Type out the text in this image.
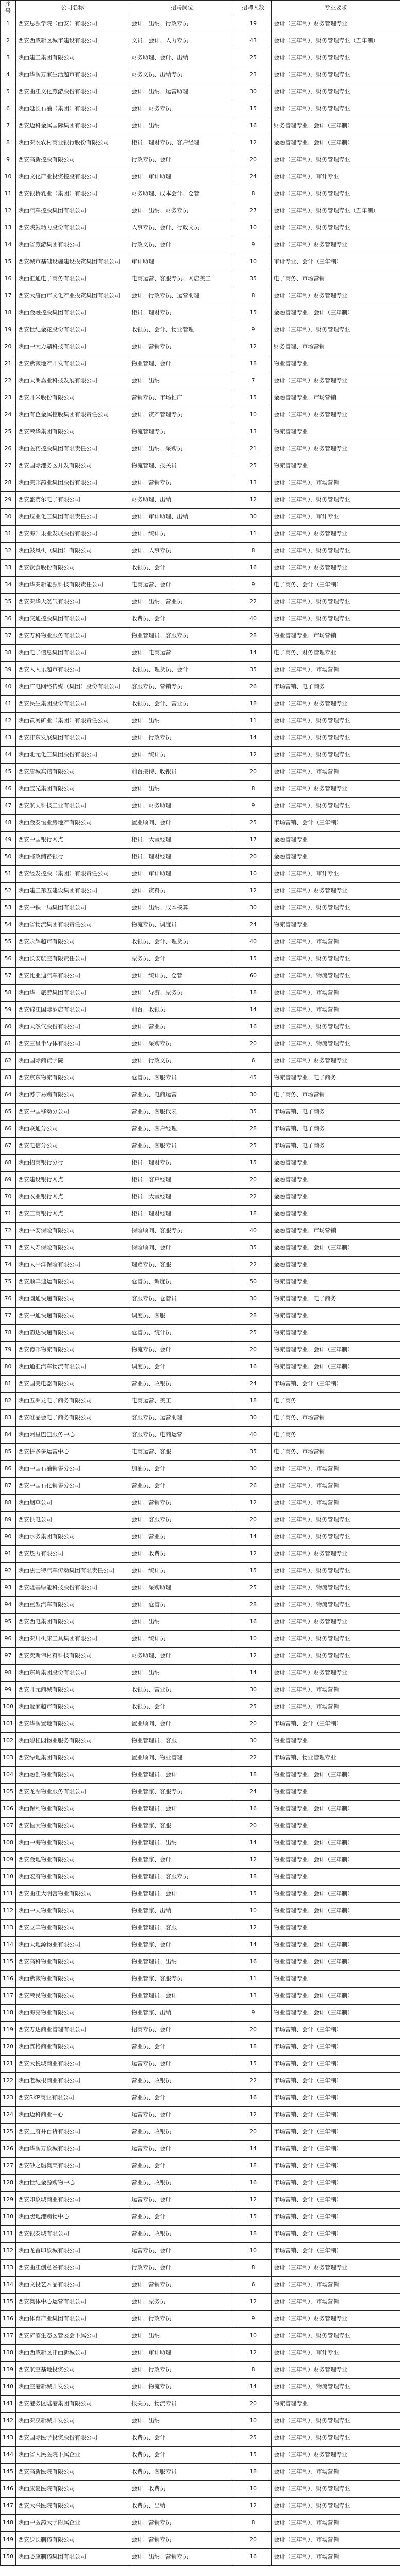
序号	公司名称	招聘岗位	招聘人数	专业要求
1	西安思源学院（西安）有限公司	会计、出纳、行政专员	19	会计（三年制）财务管理专业
2	西安西咸新区城市建设有限公司	文员、会计、人力专员	43	会计（三年制）、财务管理专业（五年制）
3	陕西建工集团有限公司	财务助理、会计、出纳	25	会计（三年制）、财务管理专业
4	陕西华润万家生活超市有限公司	财务文员、出纳专员	23	会计（三年制）、财务管理专业
5	西安曲江文化旅游股份有限公司	会计、出纳、运营助理	30	会计（三年制）、财务管理专业
6	陕西延长石油（集团）有限公司	会计、财务专员	15	会计（三年制）、财务管理专业
7	西安迈科金属国际集团有限公司	会计、出纳	16	财务管理专业、会计（三年制）
8	陕西秦农农村商业银行股份有限公司	柜员、理财专员、客户经理	12	金融管理专业、会计（三年制）
9	西安高新控股有限公司	行政专员、会计	20	会计（三年制）、财务管理专业
10	陕西文化产业投资控股有限公司	会计、审计助理	24	会计（三年制）、审计专业
11	西安银桥乳业（集团）有限公司	财务助理、成本会计、仓管	8	会计（三年制）、财务管理专业
12	陕西汽车控股集团有限公司	会计、出纳、财务专员	27	会计（三年制）、财务管理专业（五年制）
13	西安陕鼓动力股份有限公司	人事专员、会计、行政文员	10	会计（三年制）、财务管理专业
14	陕西省旅游集团有限公司	行政文员、会计	9	会计（三年制）财务管理专业
15	西安城市基础设施建设投资集团有限公司	审计助理	10	审计专业、会计（三年制）
16	陕西汇通电子商务有限公司	电商运营、客服专员、网店美工	35	电子商务、市场营销
17	西安大唐西市文化产业投资集团有限公司	会计、行政专员、运营助理	8	会计（三年制）财务管理专业
18	陕西金融控股集团有限公司	柜员、理财专员	15	金融管理专业、会计（三年制）
19	西安世纪金花股份有限公司	收银员、会计、物业管理	9	会计（三年制）、财务管理专业
20	陕西中大力鼎科技有限公司	会计、营销专员	12	财务管理、市场营销
21	西安紫薇地产开发有限公司	物业管理、会计	18	物业管理专业
22	陕西天朗嘉业科技发展有限公司	会计、出纳	7	会计（三年制）财务管理专业
23	西安开米股份有限公司	营销专员、市场推广	15	金融管理专业、市场营销
24	陕西有色金属控股集团有限责任公司	会计、资产管理专员	10	会计（三年制）财务管理专业
25	西安荣华集团有限公司	物流管理专员	13	物流管理专业
26	陕西医药控股集团有限责任公司	会计、出纳、采购员	21	会计（三年制）财务管理专业
27	西安国际港务区开发有限公司	物流管理、报关员	25	物流管理专业
28	陕西美邦药业集团股份有限公司	会计、营销专员	13	会计（三年制）、市场营销
29	西安盛赛尔电子有限公司	财务助理、出纳	12	会计（三年制）、财务管理专业
30	陕西煤业化工集团有限责任公司	会计、审计助理、出纳	30	会计（三年制）、审计专业
31	西安海升果业发展股份有限公司	会计、统计员	11	会计（三年制）财务管理专业
32	陕西鼓风机（集团）有限公司	会计、人事专员	8	会计（三年制）、财务管理专业
33	西安饮食股份有限公司	收银员、会计	16	会计（三年制）财务管理专业
34	陕西华秦新能源科技有限责任公司	电商运营、会计	9	电子商务、会计（三年制）
35	西安秦华天然气有限公司	会计、出纳、营业员	22	会计（三年制）、财务管理专业
36	陕西交通控股集团有限公司	收费员、会计	40	会计（三年制）、财务管理专业
37	西安万科物业服务有限公司	物业管理员、客服专员	28	物业管理专业、市场营销
38	陕西电子信息集团有限公司	会计、电商运营	14	电子商务、财务管理专业
39	西安人人乐超市有限公司	收银员、理货员、会计	35	会计（三年制）、市场营销
40	陕西广电网络传媒（集团）股份有限公司	客服专员、营销专员	26	市场营销、电子商务
41	西安民生集团股份有限公司	收银员、会计、营业员	18	会计（三年制）财务管理专业
42	陕西黄河矿业（集团）有限责任公司	会计、出纳	11	会计（三年制）、财务管理专业
43	西安沣东发展集团有限公司	会计、行政专员	14	会计（三年制）、财务管理专业
44	陕西北元化工集团股份有限公司	会计、统计员	12	会计（三年制）、财务管理专业
45	西安唐城宾馆有限公司	前台接待、收银员	20	会计（三年制）、市场营销
46	陕西宝光集团有限公司	会计、出纳	8	会计（三年制）财务管理专业
47	西安航天科技工业有限公司	会计、财务助理	9	会计（三年制）、财务管理专业
48	陕西金泰恒业房地产有限公司	置业顾问、会计	25	市场营销、会计（三年制）
49	西安中国银行网点	柜员、大堂经理	17	金融管理专业
50	陕西邮政储蓄银行	柜员、理财经理	20	金融管理专业
51	西安经发控股（集团）有限责任公司	会计、审计助理	10	会计（三年制）、审计专业
52	陕西建工第五建设集团有限公司	会计、资料员	12	会计（三年制）财务管理专业
53	西安中铁一局集团有限公司	会计、出纳、成本核算	30	会计（三年制）、财务管理专业
54	陕西省物流集团有限责任公司	物流专员、调度员	24	物流管理专业
55	西安永辉超市有限公司	收银员、会计、理货员	40	会计（三年制）、市场营销
56	陕西长安航空有限责任公司	票务员、会计	15	会计（三年制）、财务管理专业
57	西安比亚迪汽车有限公司	会计、统计员、仓管	60	会计（三年制）、物流管理专业
58	陕西华山旅游集团有限公司	会计、导游、票务员	18	会计（三年制）、市场营销
59	西安锦江国际酒店有限公司	前台、收银员	14	会计（三年制）、市场营销
60	陕西天然气股份有限公司	会计、营业员	16	会计（三年制）、财务管理专业
61	西安三星半导体有限公司	会计、采购专员	20	会计（三年制）、物流管理专业
62	陕西国际商贸学院	会计、行政文员	6	会计（三年制）财务管理专业
63	西安京东物流有限公司	仓管员、客服专员	45	物流管理专业、电子商务
64	陕西苏宁易购有限公司	营业员、电商运营	30	电子商务、市场营销
65	西安中国移动分公司	营业员、客服代表	35	市场营销、电子商务
66	陕西联通分公司	营业员、客户经理	28	市场营销、电子商务
67	西安电信分公司	营业员、客服专员	25	市场营销、电子商务
68	陕西招商银行分行	柜员、理财专员	15	金融管理专业
69	西安建设银行网点	柜员、客户经理	20	金融管理专业
70	陕西农业银行网点	柜员、大堂经理	22	金融管理专业
71	西安工商银行网点	柜员、理财经理	18	金融管理专业
72	陕西平安保险有限公司	保险顾问、客服专员	40	金融管理专业、市场营销
73	西安人寿保险有限公司	保险顾问、会计	35	金融管理专业、会计（三年制）
74	陕西太平洋保险有限公司	理赔专员、客服	22	金融管理专业
75	西安顺丰速运有限公司	仓管员、调度员	50	物流管理专业
76	陕西圆通快递有限公司	客服专员、仓管员	30	物流管理专业、电子商务
77	西安中通快递有限公司	调度员、客服	28	物流管理专业
78	陕西韵达快递有限公司	仓管员、统计员	25	物流管理专业
79	西安德邦物流有限公司	物流专员、会计	20	物流管理专业、会计（三年制）
80	陕西通汇汽车物流有限公司	调度员、会计	16	物流管理专业、会计（三年制）
81	西安国美电器有限公司	营业员、收银员	24	市场营销、会计（三年制）
82	陕西五洲龙电子商务有限公司	电商运营、美工	18	电子商务
83	西安唯品会电子商务有限公司	客服专员、运营助理	30	电子商务、市场营销
84	陕西阿里巴巴服务中心	客服专员、电商运营	40	电子商务
85	西安拼多多运营中心	电商运营、客服	35	电子商务、市场营销
86	陕西中国石油销售分公司	加油员、会计	30	会计（三年制）、市场营销
87	西安中国石化销售分公司	营业员、会计	26	会计（三年制）、市场营销
88	陕西烟草公司	会计、营销专员	12	会计（三年制）、市场营销
89	西安供电公司	会计、客服专员	20	会计（三年制）、财务管理专业
90	陕西水务集团有限公司	会计、营业员	14	会计（三年制）、财务管理专业
91	西安热力有限公司	会计、收费员	12	会计（三年制）财务管理专业
92	陕西法士特汽车传动集团有限责任公司	会计、统计员	15	会计（三年制）、财务管理专业
93	西安隆基绿能科技股份有限公司	会计、采购助理	25	会计（三年制）、物流管理专业
94	陕西重型汽车有限公司	会计、仓管员	28	会计（三年制）、物流管理专业
95	西安西电集团有限公司	会计、出纳	16	会计（三年制）财务管理专业
96	陕西秦川机床工具集团有限公司	会计、统计员	10	会计（三年制）、财务管理专业
97	西安奕斯伟材料科技有限公司	财务助理、会计	12	会计（三年制）、财务管理专业
98	陕西东岭集团股份有限公司	会计、出纳	14	会计（三年制）财务管理专业
99	西安开元商城有限公司	收银员、营业员	30	会计（三年制）、市场营销
100	陕西爱家超市有限公司	收银员、会计	25	会计（三年制）、市场营销
101	西安华润置地有限公司	置业顾问、会计	20	市场营销、会计（三年制）
102	陕西碧桂园物业服务有限公司	物业管理员、客服	30	物业管理专业
103	西安绿地集团有限公司	置业顾问、物业管理	22	市场营销、物业管理专业
104	陕西融创物业有限公司	物业管理员、会计	18	物业管理专业、会计（三年制）
105	西安龙湖物业服务有限公司	物业管家、客服专员	24	物业管理专业
106	陕西保利物业有限公司	物业管理员、会计	16	物业管理专业、会计（三年制）
107	西安恒大物业有限公司	物业管家、客服	20	物业管理专业
108	陕西中海物业有限公司	物业管理员、出纳	14	物业管理专业、会计（三年制）
109	西安金地物业有限公司	物业管家、会计	12	物业管理专业、会计（三年制）
110	陕西宏府物业有限公司	物业管理员、客服专员	18	物业管理专业
111	西安曲江大明宫物业有限公司	物业管理员、会计	15	物业管理专业、会计（三年制）
112	陕西中天物业有限公司	物业管家、出纳	10	物业管理专业、会计（三年制）
113	西安立丰物业有限公司	物业管理员、客服	12	物业管理专业
114	陕西天地源物业有限公司	物业管家、会计	14	物业管理专业、会计（三年制）
115	西安高科物业有限公司	物业管理员、出纳	16	物业管理专业、会计（三年制）
116	陕西紫薇物业有限公司	物业管家、客服专员	11	物业管理专业
117	西安荣民物业有限公司	物业管理员、会计	13	物业管理专业、会计（三年制）
118	陕西海亮物业有限公司	物业管家、出纳	9	物业管理专业、会计（三年制）
119	西安万达商业管理有限公司	招商专员、会计	20	市场营销、会计（三年制）
120	陕西赛格商业有限公司	营业员、会计	18	市场营销、会计（三年制）
121	西安大悦城商业有限公司	运营专员、会计	15	市场营销、会计（三年制）
122	陕西老城根商业有限公司	营业员、收银员	22	市场营销、会计（三年制）
123	西安SKP商业有限公司	营业员、会计	16	市场营销、会计（三年制）
124	陕西迈科商业中心	运营专员、会计	12	市场营销、会计（三年制）
125	西安王府井百货有限公司	营业员、收银员	20	市场营销、会计（三年制）
126	陕西华润万象城有限公司	运营专员、会计	14	市场营销、会计（三年制）
127	西安砂之船奥莱有限公司	营业员、会计	18	市场营销、会计（三年制）
128	陕西世纪金源购物中心	营业员、收银员	16	市场营销、会计（三年制）
129	西安印象城商业有限公司	运营专员、会计	12	市场营销、会计（三年制）
130	陕西熙地港购物中心	营业员、会计	15	市场营销、会计（三年制）
131	西安银泰城有限公司	营业员、收银员	18	市场营销、会计（三年制）
132	陕西龙首印象城有限公司	运营专员、会计	10	市场营销、会计（三年制）
133	西安曲江创意谷有限公司	行政专员、会计	8	会计（三年制）财务管理专业
134	陕西文投艺术品有限公司	会计、营销专员	6	会计（三年制）、市场营销
135	西安奥体中心运营有限公司	会计、票务员	12	会计（三年制）、市场营销
136	陕西体育产业集团有限公司	会计、行政专员	9	会计（三年制）财务管理专业
137	西安浐灞生态区管委会下属公司	会计、出纳	10	会计（三年制）、财务管理专业
138	陕西西咸新区沣西新城公司	会计、审计助理	12	会计（三年制）、审计专业
139	西安航空基地投资公司	会计、行政专员	8	会计（三年制）财务管理专业
140	陕西空港新城开发公司	会计、物流专员	14	会计（三年制）、物流管理专业
141	西安港务区陆港集团有限公司	报关员、物流专员	20	物流管理专业
142	陕西秦汉新城开发公司	会计、出纳	10	会计（三年制）、财务管理专业
143	西安国际医学投资股份有限公司	收费员、会计	25	会计（三年制）、财务管理专业
144	陕西省人民医院下属企业	收费员、会计	15	会计（三年制）财务管理专业
145	西安高新医院有限公司	收费员、客服专员	18	会计（三年制）、市场营销
146	陕西康复医院有限公司	会计、收费员	10	会计（三年制）、财务管理专业
147	西安大兴医院有限公司	收费员、出纳	12	会计（三年制）、财务管理专业
148	陕西中医药大学附属企业	会计、营销专员	8	会计（三年制）、市场营销
149	西安步长制药有限公司	会计、营销专员	20	会计（三年制）、市场营销
150	陕西必康制药集团有限公司	会计、出纳、营销专员	16	会计（三年制）、市场营销
